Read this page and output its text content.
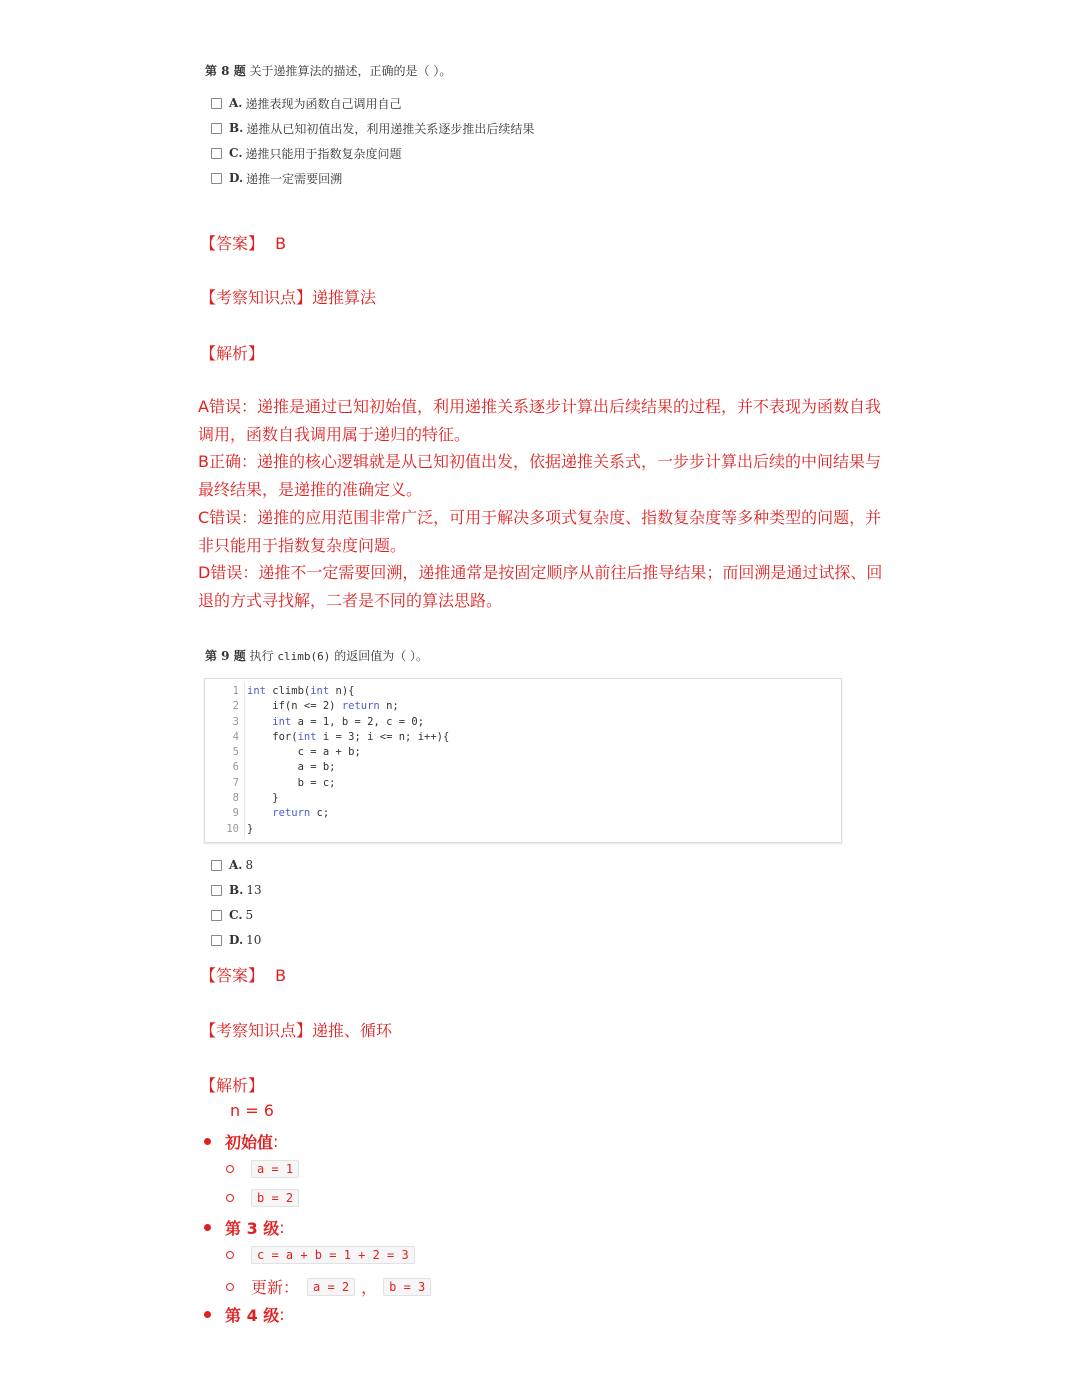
第 8 题 关于递推算法的描述，正确的是（ ）。
A. 递推表现为函数自己调用自己
B. 递推从已知初值出发，利用递推关系逐步推出后续结果
C. 递推只能用于指数复杂度问题
D. 递推一定需要回溯
【答案】 B
【考察知识点】递推算法
【解析】
A错误：递推是通过已知初始值，利用递推关系逐步计算出后续结果的过程，并不表现为函数自我调用，函数自我调用属于递归的特征。
B正确：递推的核心逻辑就是从已知初值出发，依据递推关系式，一步步计算出后续的中间结果与最终结果，是递推的准确定义。
C错误：递推的应用范围非常广泛，可用于解决多项式复杂度、指数复杂度等多种类型的问题，并非只能用于指数复杂度问题。
D错误：递推不一定需要回溯，递推通常是按固定顺序从前往后推导结果；而回溯是通过试探、回退的方式寻找解，二者是不同的算法思路。
第 9 题 执行 climb(6) 的返回值为（ ）。
1
2
3
4
5
6
7
8
9
10
int climb(int n){
if(n <= 2) return n;
int a = 1, b = 2, c = 0;
for(int i = 3; i <= n; i++){
c = a + b;
a = b;
b = c;
}
return c;
}
A. 8
B. 13
C. 5
D. 10
【答案】 B
【考察知识点】递推、循环
【解析】
n = 6
初始值 :
a = 1
b = 2
第 3 级 :
c = a + b = 1 + 2 = 3
更新：	a = 2 ，	b = 3
第 4 级 :
